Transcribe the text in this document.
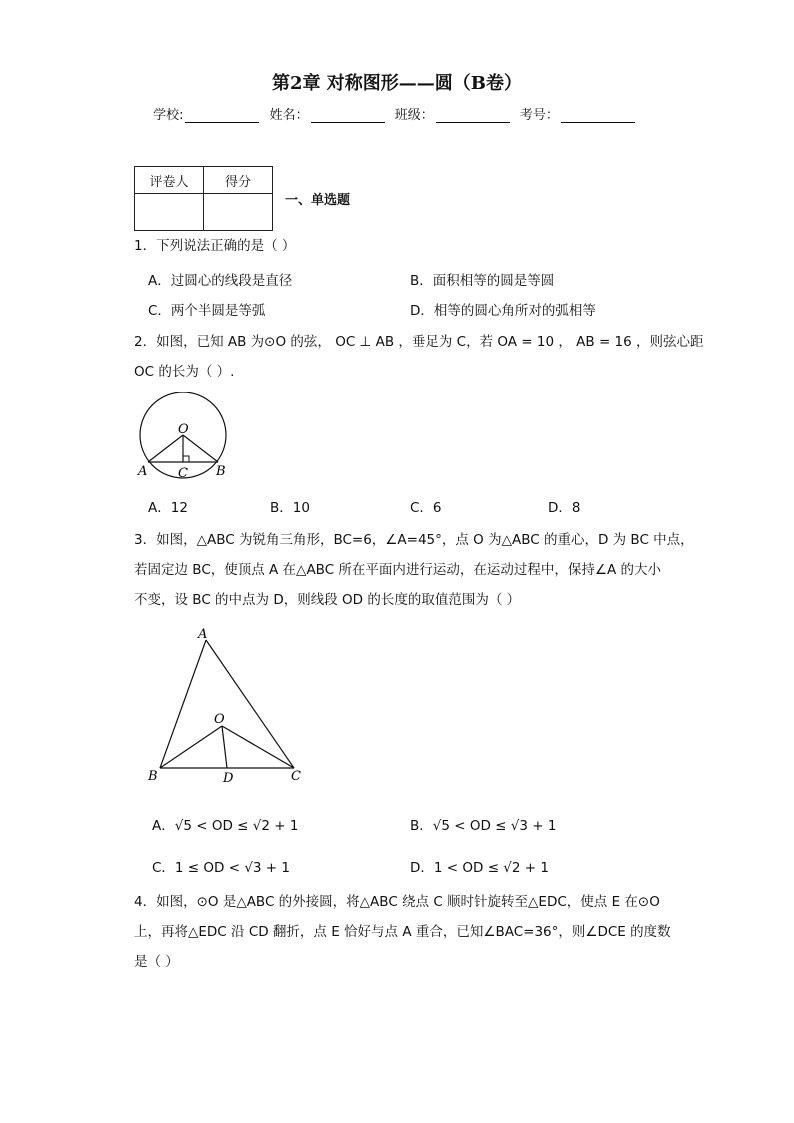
第2章 对称图形——圆（B卷）
学校:	姓名：	班级：	考号：
评卷人	得分

一、单选题
1．下列说法正确的是（ ）
A．过圆心的线段是直径	B．面积相等的圆是等圆
C．两个半圆是等弧	D．相等的圆心角所对的弧相等
2．如图，已知 AB 为⊙O 的弦， OC ⊥ AB ，垂足为 C，若 OA = 10 ， AB = 16 ，则弦心距
OC 的长为（ ）.
O
A C B
A．12	B．10	C．6	D．8
3．如图，△ABC 为锐角三角形，BC=6，∠A=45°，点 O 为△ABC 的重心，D 为 BC 中点，
若固定边 BC，使顶点 A 在△ABC 所在平面内进行运动，在运动过程中，保持∠A 的大小
不变，设 BC 的中点为 D，则线段 OD 的长度的取值范围为（ ）
A
O
B	D	C
A．√5 < OD ≤ √2 + 1	B．√5 < OD ≤ √3 + 1
C．1 ≤ OD < √3 + 1	D．1 < OD ≤ √2 + 1
4．如图，⊙O 是△ABC 的外接圆，将△ABC 绕点 C 顺时针旋转至△EDC，使点 E 在⊙O
上，再将△EDC 沿 CD 翻折，点 E 恰好与点 A 重合，已知∠BAC=36°，则∠DCE 的度数
是（ ）
